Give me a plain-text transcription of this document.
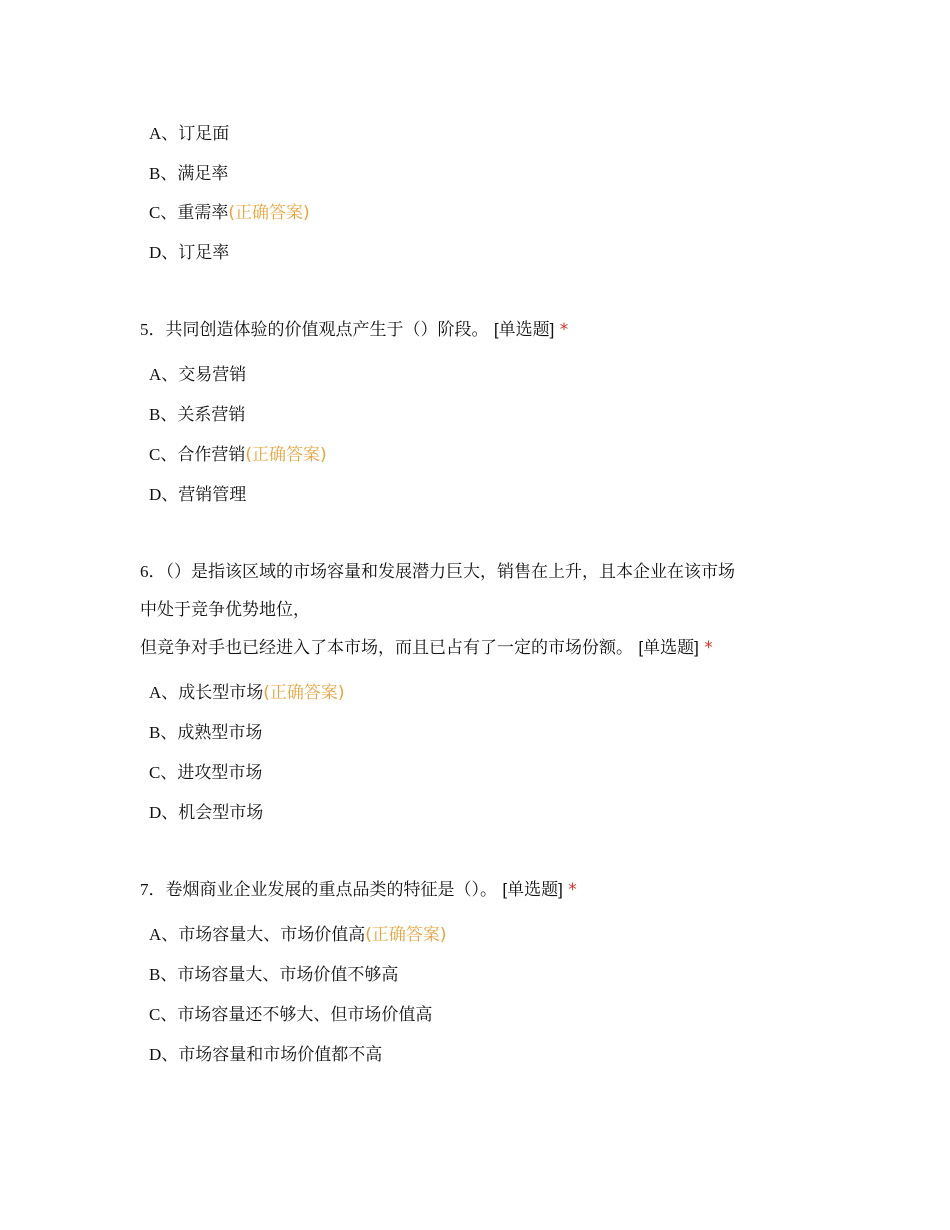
A、订足面
B、满足率
C、重需率(正确答案)
D、订足率
5．共同创造体验的价值观点产生于（）阶段。 [单选题] *
A、交易营销
B、关系营销
C、合作营销(正确答案)
D、营销管理
6．（）是指该区域的市场容量和发展潜力巨大，销售在上升，且本企业在该市场
中处于竞争优势地位，
但竞争对手也已经进入了本市场，而且已占有了一定的市场份额。 [单选题] *
A、成长型市场(正确答案)
B、成熟型市场
C、进攻型市场
D、机会型市场
7．卷烟商业企业发展的重点品类的特征是（）。 [单选题] *
A、市场容量大、市场价值高(正确答案)
B、市场容量大、市场价值不够高
C、市场容量还不够大、但市场价值高
D、市场容量和市场价值都不高
